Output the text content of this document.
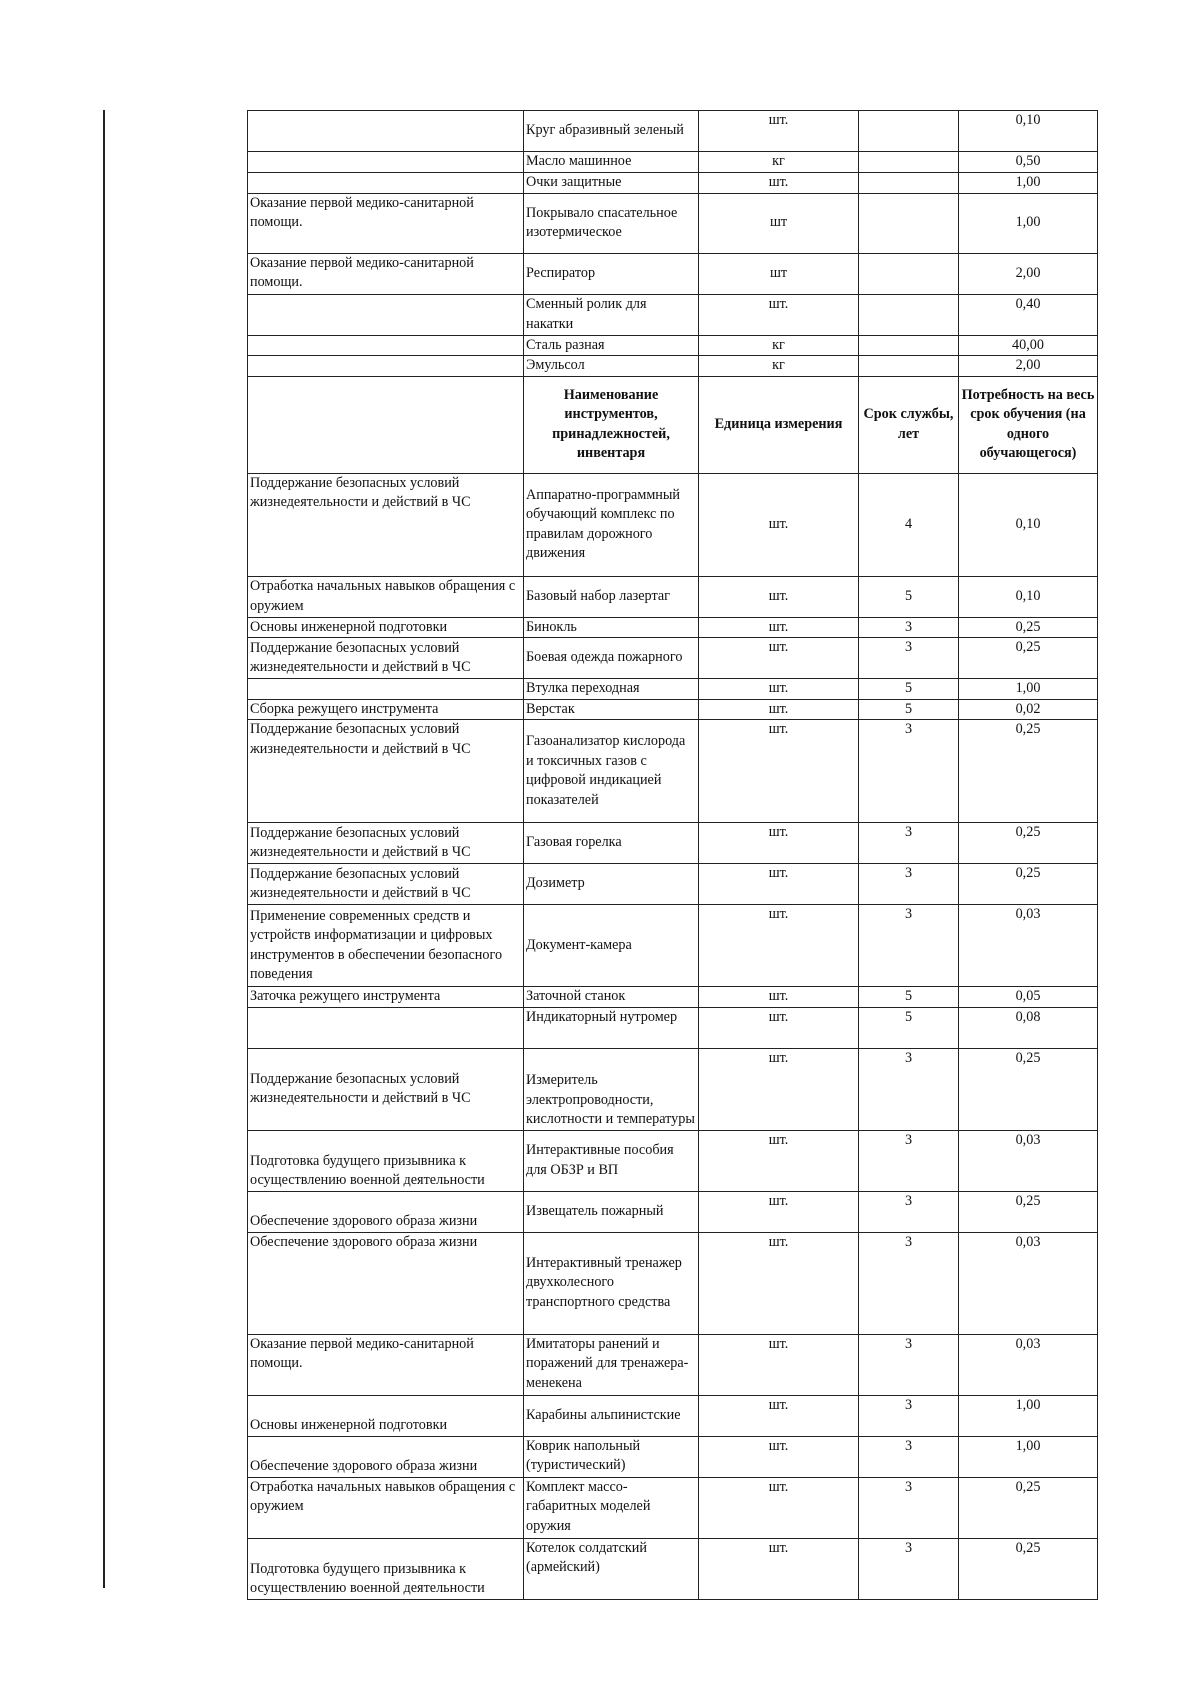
	Круг абразивный зеленый	шт.		0,10
	Масло машинное	кг		0,50
	Очки защитные	шт.		1,00
Оказание первой медико-санитарной помощи.	Покрывало спасательное изотермическое	шт		1,00
Оказание первой медико-санитарной помощи.	Респиратор	шт		2,00
	Сменный ролик для накатки	шт.		0,40
	Сталь разная	кг		40,00
	Эмульсол	кг		2,00
	Наименование инструментов, принадлежностей, инвентаря	Единица измерения	Срок службы, лет	Потребность на весь срок обучения (на одного обучающегося)
Поддержание безопасных условий жизнедеятельности и действий в ЧС	Аппаратно-программный обучающий комплекс по правилам дорожного движения	шт.	4	0,10
Отработка начальных навыков обращения с оружием	Базовый набор лазертаг	шт.	5	0,10
Основы инженерной подготовки	Бинокль	шт.	3	0,25
Поддержание безопасных условий жизнедеятельности и действий в ЧС	Боевая одежда пожарного	шт.	3	0,25
	Втулка переходная	шт.	5	1,00
Сборка режущего инструмента	Верстак	шт.	5	0,02
Поддержание безопасных условий жизнедеятельности и действий в ЧС	Газоанализатор кислорода и токсичных газов с цифровой индикацией показателей	шт.	3	0,25
Поддержание безопасных условий жизнедеятельности и действий в ЧС	Газовая горелка	шт.	3	0,25
Поддержание безопасных условий жизнедеятельности и действий в ЧС	Дозиметр	шт.	3	0,25
Применение современных средств и устройств информатизации и цифровых инструментов в обеспечении безопасного поведения	Документ-камера	шт.	3	0,03
Заточка режущего инструмента	Заточной станок	шт.	5	0,05
	Индикаторный нутромер	шт.	5	0,08
Поддержание безопасных условий жизнедеятельности и действий в ЧС	Измеритель электропроводности, кислотности и температуры	шт.	3	0,25
Подготовка будущего призывника к осуществлению военной деятельности	Интерактивные пособия для ОБЗР и ВП	шт.	3	0,03
Обеспечение здорового образа жизни	Извещатель пожарный	шт.	3	0,25
Обеспечение здорового образа жизни	Интерактивный тренажер двухколесного транспортного средства	шт.	3	0,03
Оказание первой медико-санитарной помощи.	Имитаторы ранений и поражений для тренажера-менекена	шт.	3	0,03
Основы инженерной подготовки	Карабины альпинистские	шт.	3	1,00
Обеспечение здорового образа жизни	Коврик напольный (туристический)	шт.	3	1,00
Отработка начальных навыков обращения с оружием	Комплект массо-габаритных моделей оружия	шт.	3	0,25
Подготовка будущего призывника к осуществлению военной деятельности	Котелок солдатский (армейский)	шт.	3	0,25
